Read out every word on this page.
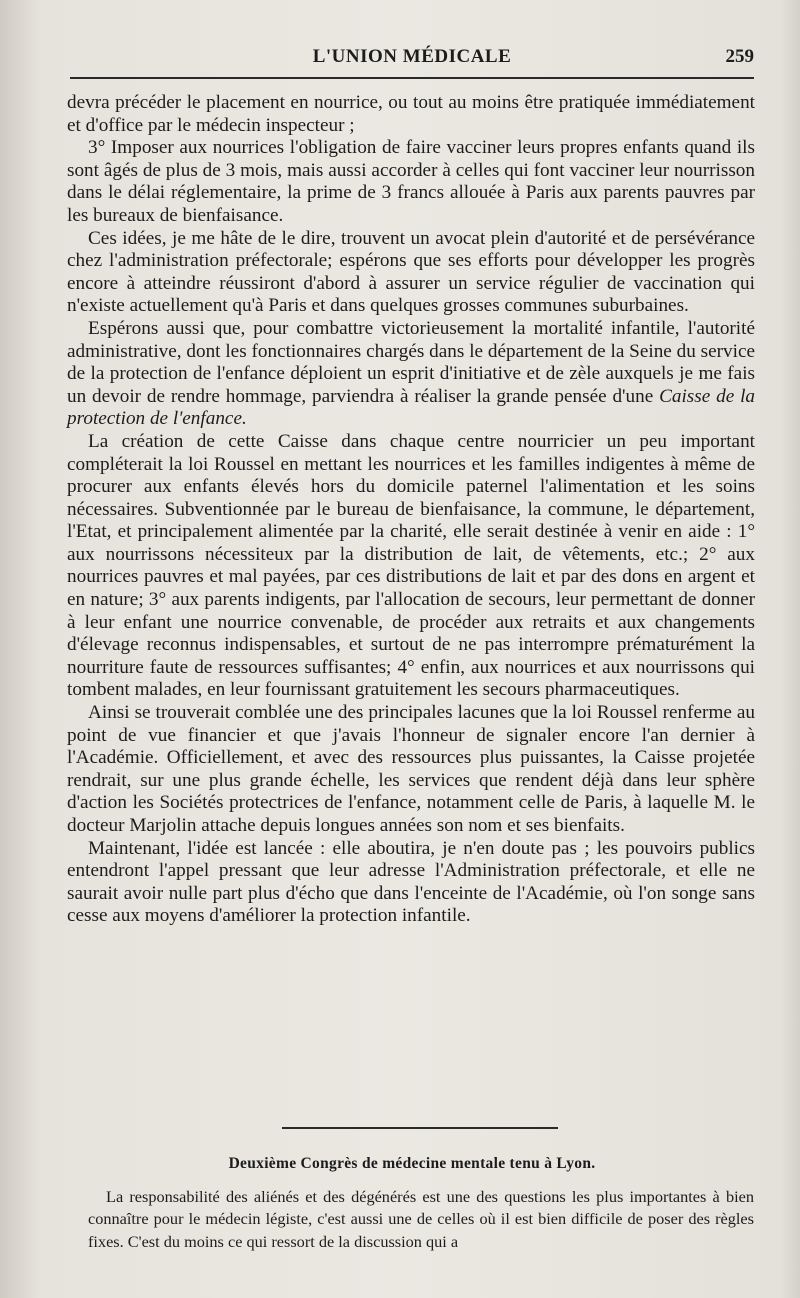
L'UNION MÉDICALE	259

devra précéder le placement en nourrice, ou tout au moins être pratiquée immédiatement et d'office par le médecin inspecteur ;

3° Imposer aux nourrices l'obligation de faire vacciner leurs propres enfants quand ils sont âgés de plus de 3 mois, mais aussi accorder à celles qui font vacciner leur nourrisson dans le délai réglementaire, la prime de 3 francs allouée à Paris aux parents pauvres par les bureaux de bienfaisance.

Ces idées, je me hâte de le dire, trouvent un avocat plein d'autorité et de persévérance chez l'administration préfectorale; espérons que ses efforts pour développer les progrès encore à atteindre réussiront d'abord à assurer un service régulier de vaccination qui n'existe actuellement qu'à Paris et dans quelques grosses communes suburbaines.

Espérons aussi que, pour combattre victorieusement la mortalité infantile, l'autorité administrative, dont les fonctionnaires chargés dans le département de la Seine du service de la protection de l'enfance déploient un esprit d'initiative et de zèle auxquels je me fais un devoir de rendre hommage, parviendra à réaliser la grande pensée d'une Caisse de la protection de l'enfance.

La création de cette Caisse dans chaque centre nourricier un peu important compléterait la loi Roussel en mettant les nourrices et les familles indigentes à même de procurer aux enfants élevés hors du domicile paternel l'alimentation et les soins nécessaires. Subventionnée par le bureau de bienfaisance, la commune, le département, l'Etat, et principalement alimentée par la charité, elle serait destinée à venir en aide : 1° aux nourrissons nécessiteux par la distribution de lait, de vêtements, etc.; 2° aux nourrices pauvres et mal payées, par ces distributions de lait et par des dons en argent et en nature; 3° aux parents indigents, par l'allocation de secours, leur permettant de donner à leur enfant une nourrice convenable, de procéder aux retraits et aux changements d'élevage reconnus indispensables, et surtout de ne pas interrompre prématurément la nourriture faute de ressources suffisantes; 4° enfin, aux nourrices et aux nourrissons qui tombent malades, en leur fournissant gratuitement les secours pharmaceutiques.

Ainsi se trouverait comblée une des principales lacunes que la loi Roussel renferme au point de vue financier et que j'avais l'honneur de signaler encore l'an dernier à l'Académie. Officiellement, et avec des ressources plus puissantes, la Caisse projetée rendrait, sur une plus grande échelle, les services que rendent déjà dans leur sphère d'action les Sociétés protectrices de l'enfance, notamment celle de Paris, à laquelle M. le docteur Marjolin attache depuis longues années son nom et ses bienfaits.

Maintenant, l'idée est lancée : elle aboutira, je n'en doute pas ; les pouvoirs publics entendront l'appel pressant que leur adresse l'Administration préfectorale, et elle ne saurait avoir nulle part plus d'écho que dans l'enceinte de l'Académie, où l'on songe sans cesse aux moyens d'améliorer la protection infantile.

Deuxième Congrès de médecine mentale tenu à Lyon.

La responsabilité des aliénés et des dégénérés est une des questions les plus importantes à bien connaître pour le médecin légiste, c'est aussi une de celles où il est bien difficile de poser des règles fixes. C'est du moins ce qui ressort de la discussion qui a
